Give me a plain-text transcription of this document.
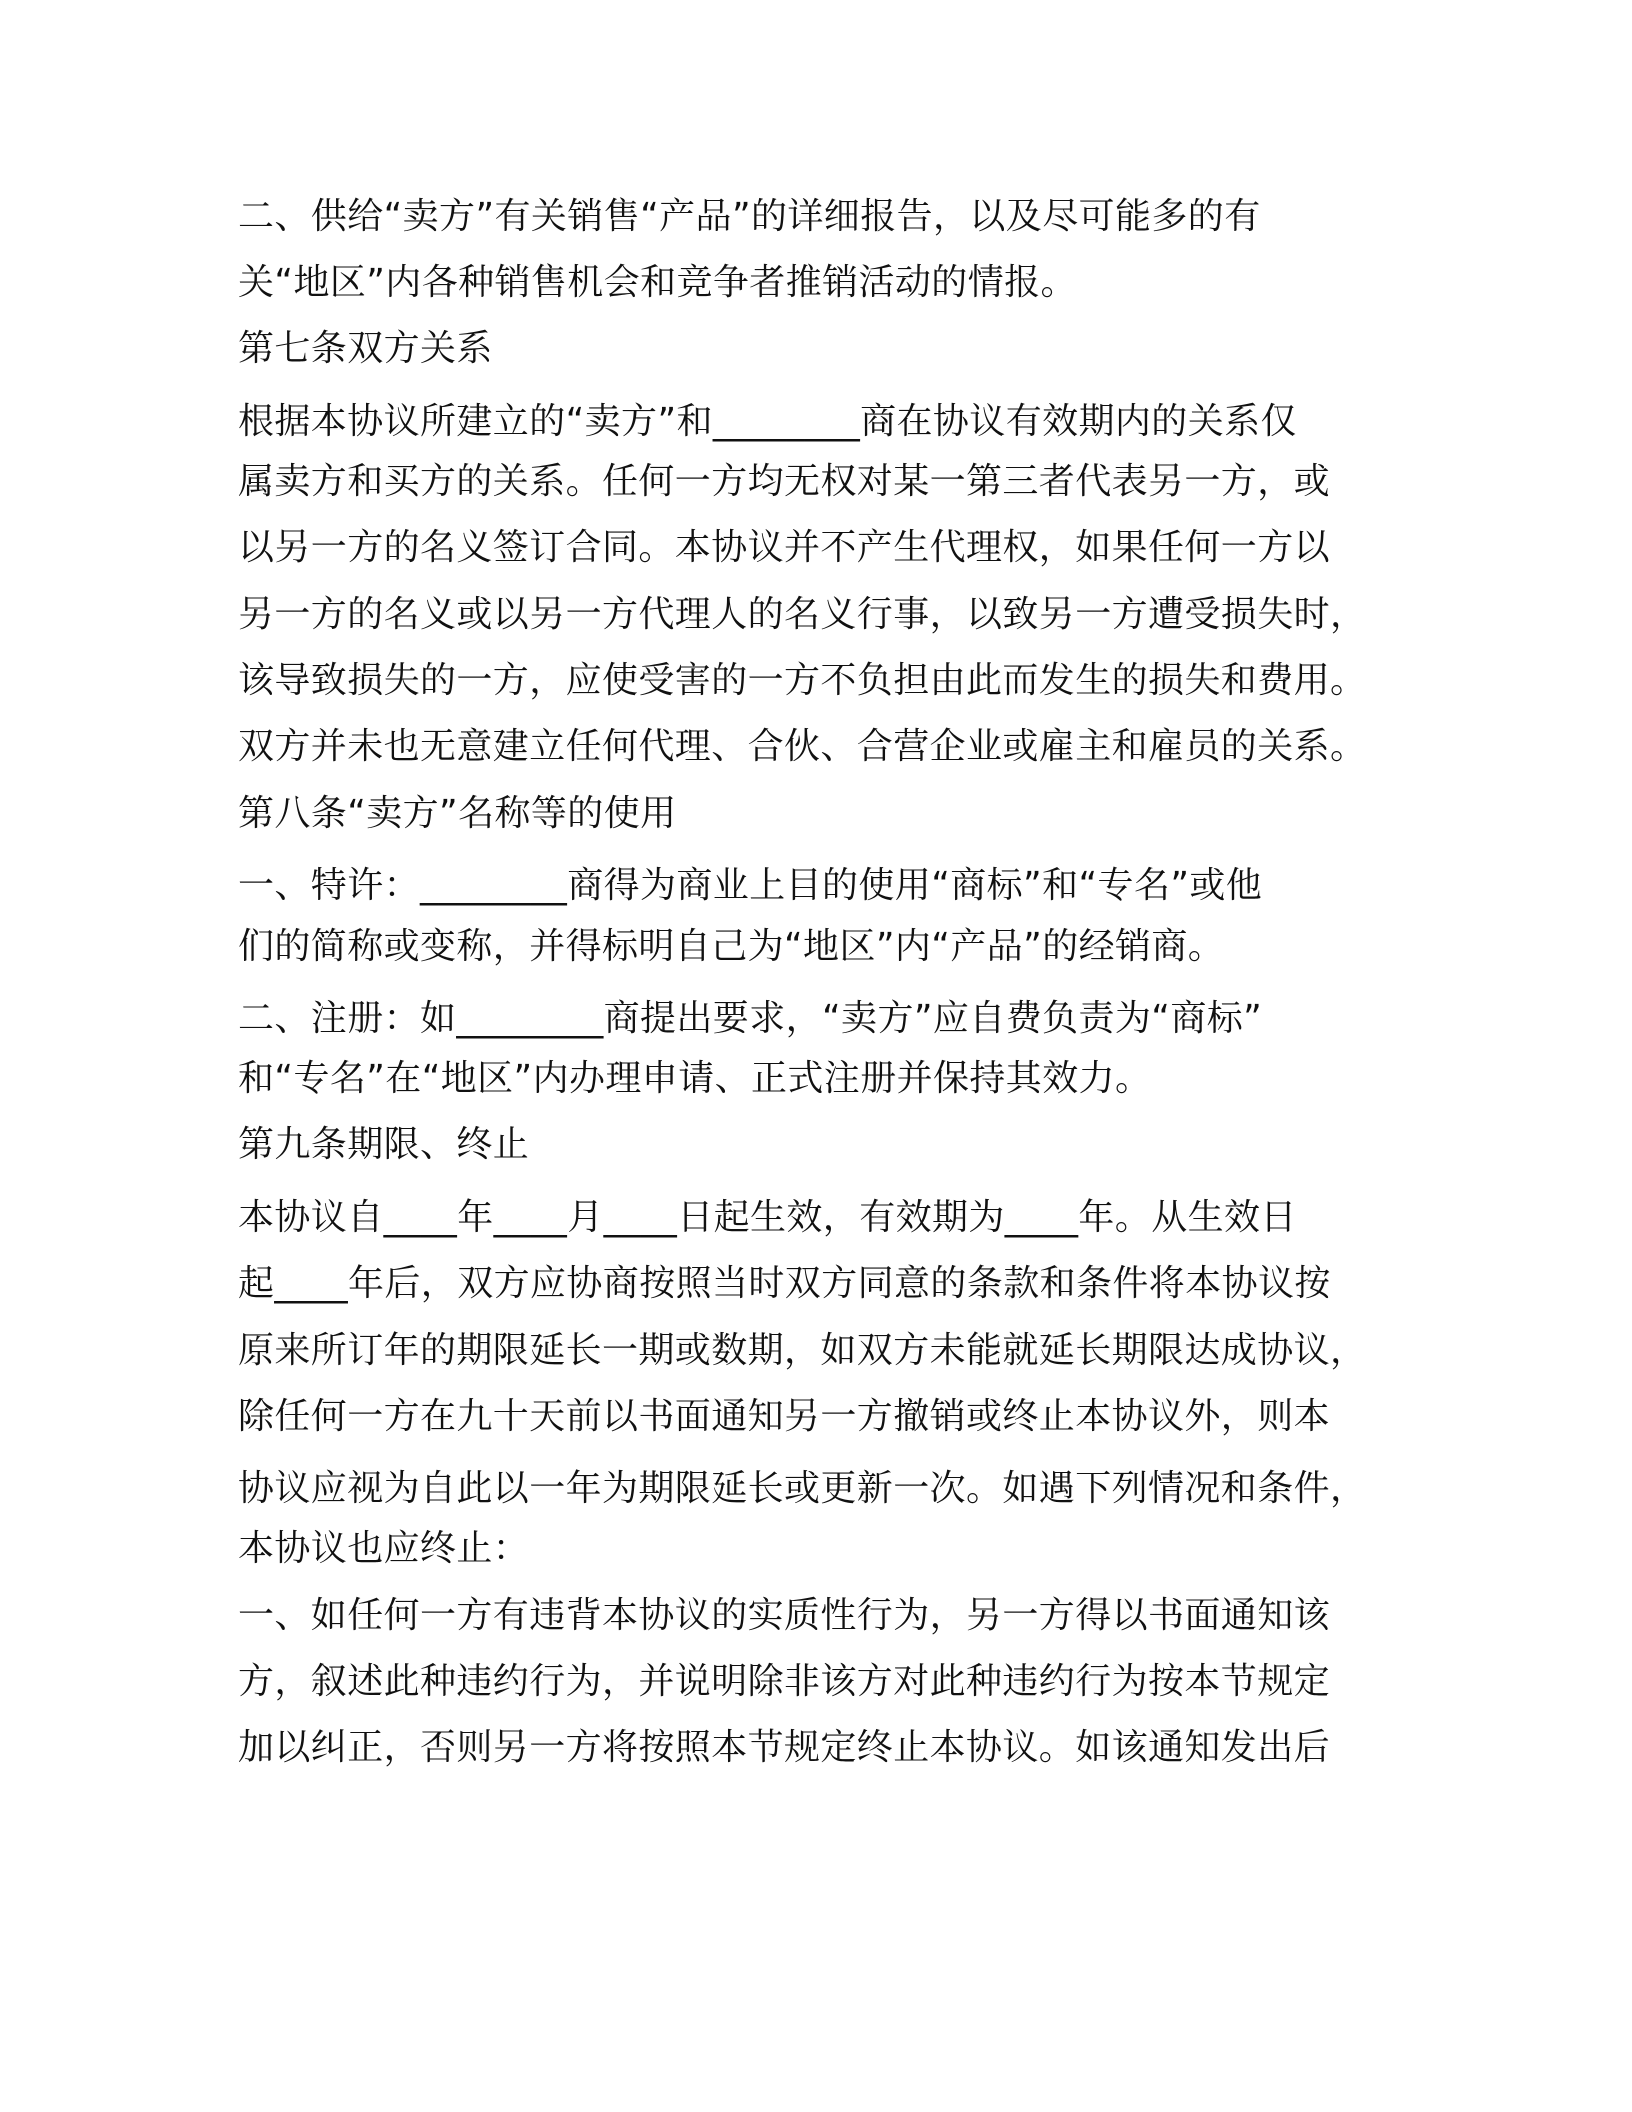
二、供给“卖方”有关销售“产品”的详细报告，以及尽可能多的有
关“地区”内各种销售机会和竞争者推销活动的情报。
第七条双方关系
根据本协议所建立的“卖方”和________商在协议有效期内的关系仅
属卖方和买方的关系。任何一方均无权对某一第三者代表另一方，或
以另一方的名义签订合同。本协议并不产生代理权，如果任何一方以
另一方的名义或以另一方代理人的名义行事，以致另一方遭受损失时，
该导致损失的一方，应使受害的一方不负担由此而发生的损失和费用。
双方并未也无意建立任何代理、合伙、合营企业或雇主和雇员的关系。
第八条“卖方”名称等的使用
一、特许：________商得为商业上目的使用“商标”和“专名”或他
们的简称或变称，并得标明自己为“地区”内“产品”的经销商。
二、注册：如________商提出要求，“卖方”应自费负责为“商标”
和“专名”在“地区”内办理申请、正式注册并保持其效力。
第九条期限、终止
本协议自____年____月____日起生效，有效期为____年。从生效日
起____年后，双方应协商按照当时双方同意的条款和条件将本协议按
原来所订年的期限延长一期或数期，如双方未能就延长期限达成协议，
除任何一方在九十天前以书面通知另一方撤销或终止本协议外，则本
协议应视为自此以一年为期限延长或更新一次。如遇下列情况和条件，
本协议也应终止：
一、如任何一方有违背本协议的实质性行为，另一方得以书面通知该
方，叙述此种违约行为，并说明除非该方对此种违约行为按本节规定
加以纠正，否则另一方将按照本节规定终止本协议。如该通知发出后
